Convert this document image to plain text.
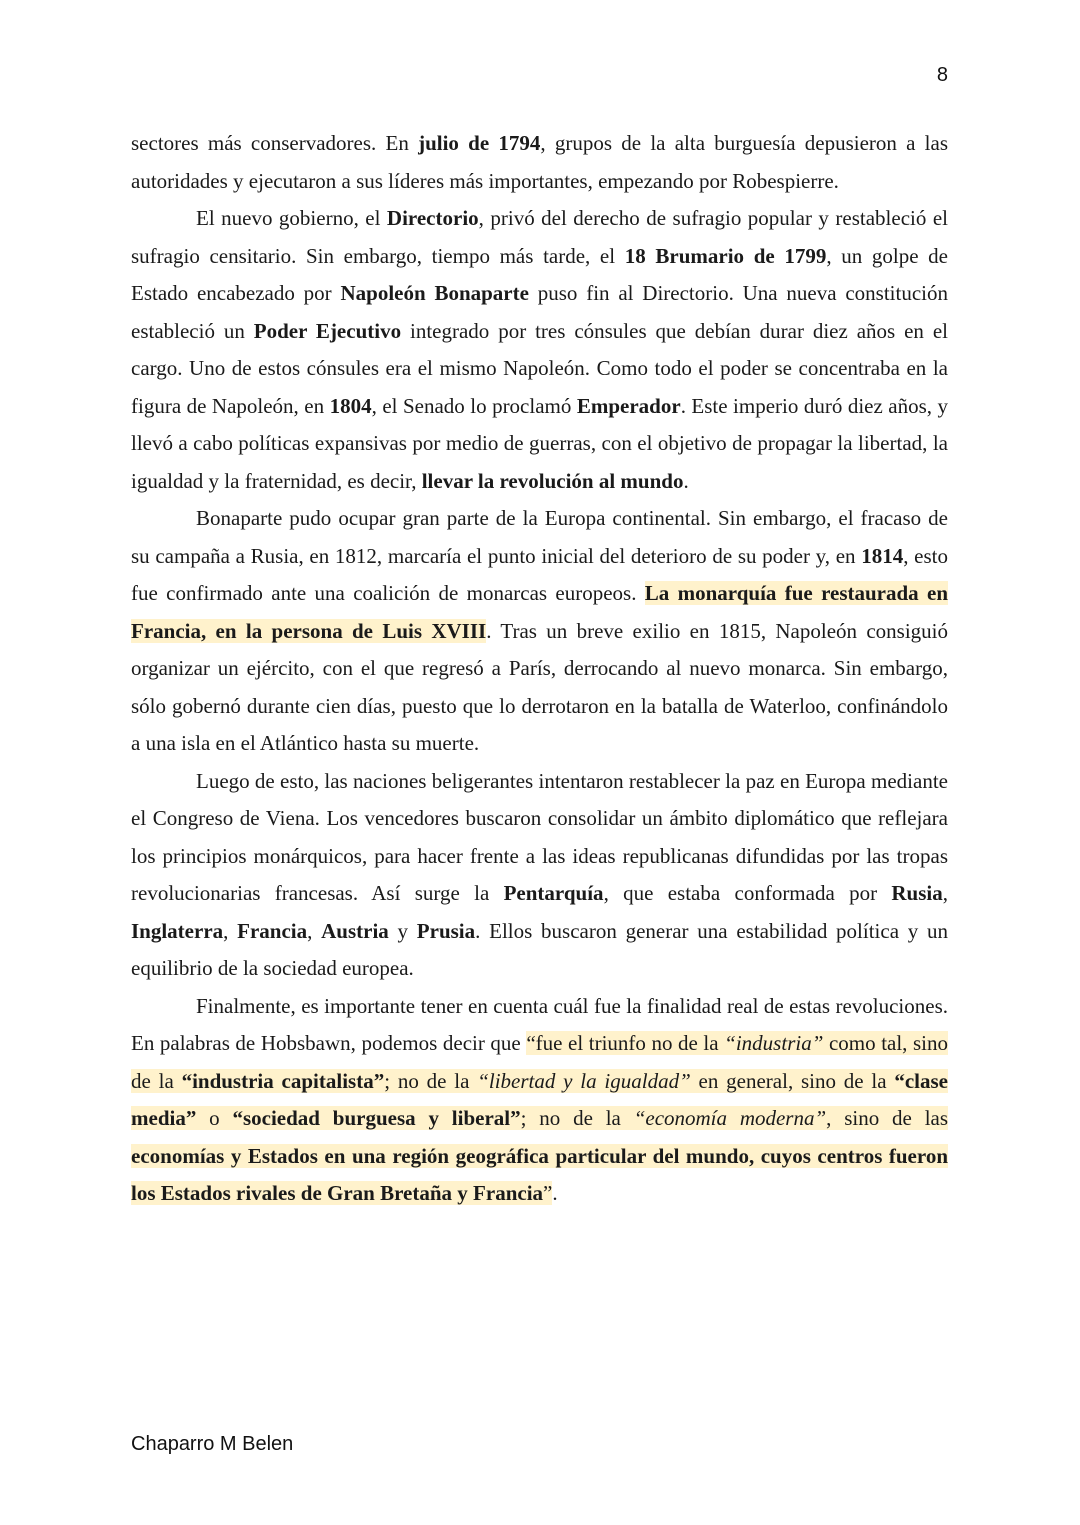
8

sectores más conservadores. En julio de 1794, grupos de la alta burguesía depusieron a las autoridades y ejecutaron a sus líderes más importantes, empezando por Robespierre.

El nuevo gobierno, el Directorio, privó del derecho de sufragio popular y restableció el sufragio censitario. Sin embargo, tiempo más tarde, el 18 Brumario de 1799, un golpe de Estado encabezado por Napoleón Bonaparte puso fin al Directorio. Una nueva constitución estableció un Poder Ejecutivo integrado por tres cónsules que debían durar diez años en el cargo. Uno de estos cónsules era el mismo Napoleón. Como todo el poder se concentraba en la figura de Napoleón, en 1804, el Senado lo proclamó Emperador. Este imperio duró diez años, y llevó a cabo políticas expansivas por medio de guerras, con el objetivo de propagar la libertad, la igualdad y la fraternidad, es decir, llevar la revolución al mundo.

Bonaparte pudo ocupar gran parte de la Europa continental. Sin embargo, el fracaso de su campaña a Rusia, en 1812, marcaría el punto inicial del deterioro de su poder y, en 1814, esto fue confirmado ante una coalición de monarcas europeos. La monarquía fue restaurada en Francia, en la persona de Luis XVIII. Tras un breve exilio en 1815, Napoleón consiguió organizar un ejército, con el que regresó a París, derrocando al nuevo monarca. Sin embargo, sólo gobernó durante cien días, puesto que lo derrotaron en la batalla de Waterloo, confinándolo a una isla en el Atlántico hasta su muerte.

Luego de esto, las naciones beligerantes intentaron restablecer la paz en Europa mediante el Congreso de Viena. Los vencedores buscaron consolidar un ámbito diplomático que reflejara los principios monárquicos, para hacer frente a las ideas republicanas difundidas por las tropas revolucionarias francesas. Así surge la Pentarquía, que estaba conformada por Rusia, Inglaterra, Francia, Austria y Prusia. Ellos buscaron generar una estabilidad política y un equilibrio de la sociedad europea.

Finalmente, es importante tener en cuenta cuál fue la finalidad real de estas revoluciones. En palabras de Hobsbawn, podemos decir que “fue el triunfo no de la “industria” como tal, sino de la “industria capitalista”; no de la “libertad y la igualdad” en general, sino de la “clase media” o “sociedad burguesa y liberal”; no de la “economía moderna”, sino de las economías y Estados en una región geográfica particular del mundo, cuyos centros fueron los Estados rivales de Gran Bretaña y Francia”.

Chaparro M Belen
